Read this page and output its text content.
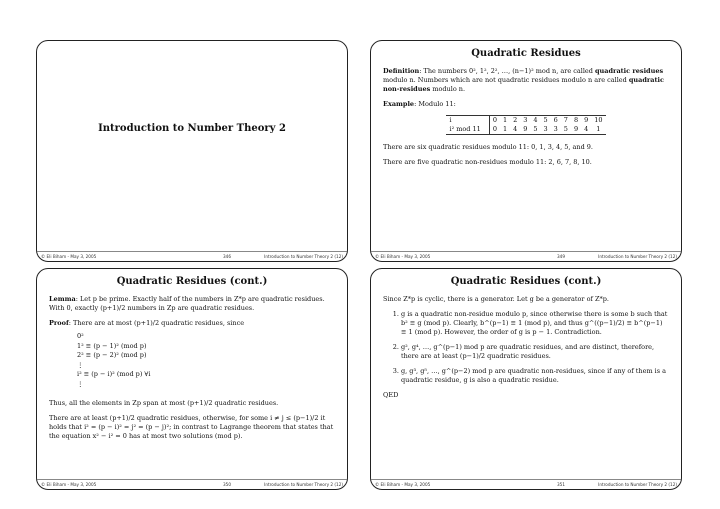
Introduction to Number Theory 2
© Eli Biham - May 3, 2005	346	Introduction to Number Theory 2 (12)
Quadratic Residues

Definition: The numbers 0², 1², 2², …, (n−1)² mod n, are called quadratic residues modulo n. Numbers which are not quadratic residues modulo n are called quadratic non-residues modulo n.

Example: Modulo 11:

i	0	1	2	3	4	5	6	7	8	9	10
i² mod 11	0	1	4	9	5	3	3	5	9	4	1

There are six quadratic residues modulo 11: 0, 1, 3, 4, 5, and 9.

There are five quadratic non-residues modulo 11: 2, 6, 7, 8, 10.

© Eli Biham - May 3, 2005	349	Introduction to Number Theory 2 (12)
Quadratic Residues (cont.)

Lemma: Let p be prime. Exactly half of the numbers in Z*p are quadratic residues. With 0, exactly (p+1)/2 numbers in Zp are quadratic residues.

Proof: There are at most (p+1)/2 quadratic residues, since

0²
1² ≡ (p − 1)² (mod p)
2² ≡ (p − 2)² (mod p)
⋮
i² ≡ (p − i)² (mod p) ∀i
⋮

Thus, all the elements in Zp span at most (p+1)/2 quadratic residues.

There are at least (p+1)/2 quadratic residues, otherwise, for some i ≠ j ≤ (p−1)/2 it holds that i² = (p − i)² = j² = (p − j)²; in contrast to Lagrange theorem that states that the equation x² − i² = 0 has at most two solutions (mod p).

© Eli Biham - May 3, 2005	350	Introduction to Number Theory 2 (12)
Quadratic Residues (cont.)

Since Z*p is cyclic, there is a generator. Let g be a generator of Z*p.

1. g is a quadratic non-residue modulo p, since otherwise there is some b such that b² ≡ g (mod p). Clearly, b^(p−1) ≡ 1 (mod p), and thus g^((p−1)/2) ≡ b^(p−1) ≡ 1 (mod p). However, the order of g is p − 1. Contradiction.
2. g², g⁴, …, g^(p−1) mod p are quadratic residues, and are distinct, therefore, there are at least (p−1)/2 quadratic residues.
3. g, g³, g⁵, …, g^(p−2) mod p are quadratic non-residues, since if any of them is a quadratic residue, g is also a quadratic residue.

QED

© Eli Biham - May 3, 2005	351	Introduction to Number Theory 2 (12)
